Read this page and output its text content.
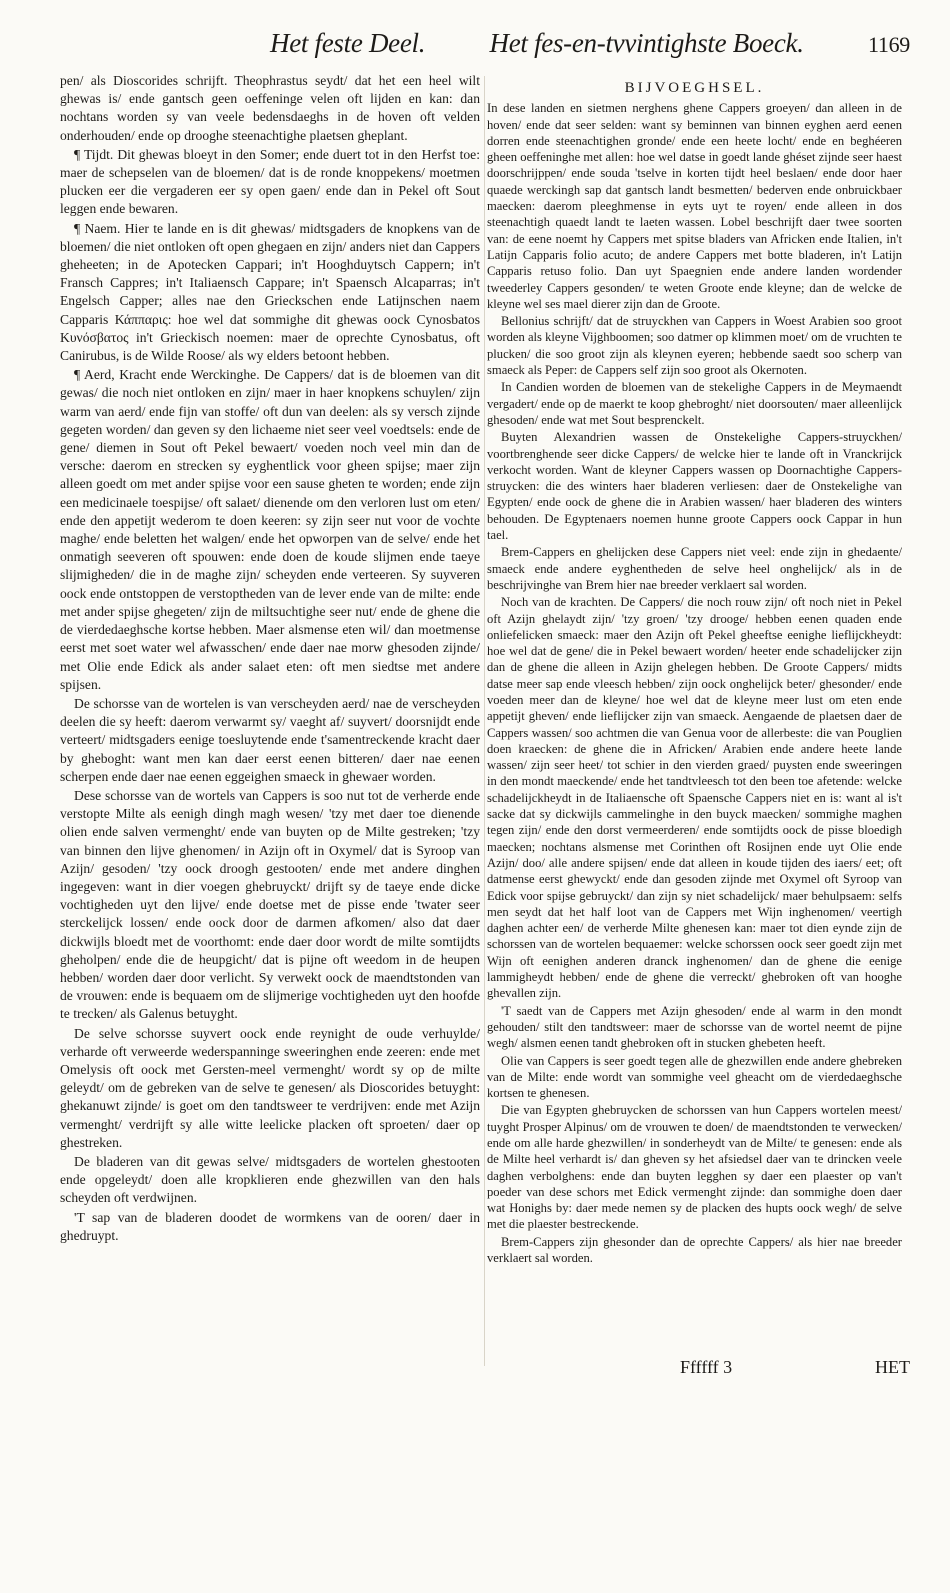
Het feste Deel. Het fes-en-tvvintighste Boeck.	1169

pen/ als Dioscorides schrijft. Theophrastus seydt/ dat het een heel wilt ghewas is/ ende gantsch geen oeffeninge velen oft lijden en kan: dan nochtans worden sy van veele bedensdaeghs in de hoven oft velden onderhouden/ ende op drooghe steenachtighe plaetsen gheplant.

¶ Tijdt. Dit ghewas bloeyt in den Somer; ende duert tot in den Herfst toe: maer de schepselen van de bloemen/ dat is de ronde knoppekens/ moetmen plucken eer die vergaderen eer sy open gaen/ ende dan in Pekel oft Sout leggen ende bewaren.

¶ Naem. Hier te lande en is dit ghewas/ midtsgaders de knopkens van de bloemen/ die niet ontloken oft open ghegaen en zijn/ anders niet dan Cappers gheheeten; in de Apotecken Cappari; in't Hooghduytsch Cappern; in't Fransch Cappres; in't Italiaensch Cappare; in't Spaensch Alcaparras; in't Engelsch Capper; alles nae den Grieckschen ende Latijnschen naem Capparis Κάππαρις: hoe wel dat sommighe dit ghewas oock Cynosbatos Κυνόσβατος in't Grieckisch noemen: maer de oprechte Cynosbatus, oft Canirubus, is de Wilde Roose/ als wy elders betoont hebben.

¶ Aerd, Kracht ende Werckinghe. De Cappers/ dat is de bloemen van dit gewas/ die noch niet ontloken en zijn/ maer in haer knopkens schuylen/ zijn warm van aerd/ ende fijn van stoffe/ oft dun van deelen: als sy versch zijnde gegeten worden/ dan geven sy den lichaeme niet seer veel voedtsels: ende de gene/ diemen in Sout oft Pekel bewaert/ voeden noch veel min dan de versche: daerom en strecken sy eyghentlick voor gheen spijse; maer zijn alleen goedt om met ander spijse voor een sause gheten te worden; ende zijn een medicinaele toespijse/ oft salaet/ dienende om den verloren lust om eten/ ende den appetijt wederom te doen keeren: sy zijn seer nut voor de vochte maghe/ ende beletten het walgen/ ende het opworpen van de selve/ ende het onmatigh seeveren oft spouwen: ende doen de koude slijmen ende taeye slijmigheden/ die in de maghe zijn/ scheyden ende verteeren. Sy suyveren oock ende ontstoppen de verstoptheden van de lever ende van de milte: ende met ander spijse ghegeten/ zijn de miltsuchtighe seer nut/ ende de ghene die de vierdedaeghsche kortse hebben. Maer alsmense eten wil/ dan moetmense eerst met soet water wel afwasschen/ ende daer nae morw ghesoden zijnde/ met Olie ende Edick als ander salaet eten: oft men siedtse met andere spijsen.

De schorsse van de wortelen is van verscheyden aerd/ nae de verscheyden deelen die sy heeft: daerom verwarmt sy/ vaeght af/ suyvert/ doorsnijdt ende verteert/ midtsgaders eenige toesluytende ende t'samentreckende kracht daer by gheboght: want men kan daer eerst eenen bitteren/ daer nae eenen scherpen ende daer nae eenen eggeighen smaeck in ghewaer worden.

Dese schorsse van de wortels van Cappers is soo nut tot de verherde ende verstopte Milte als eenigh dingh magh wesen/ 'tzy met daer toe dienende olien ende salven vermenght/ ende van buyten op de Milte gestreken; 'tzy van binnen den lijve ghenomen/ in Azijn oft in Oxymel/ dat is Syroop van Azijn/ gesoden/ 'tzy oock droogh gestooten/ ende met andere dinghen ingegeven: want in dier voegen ghebruyckt/ drijft sy de taeye ende dicke vochtigheden uyt den lijve/ ende doetse met de pisse ende 'twater seer sterckelijck lossen/ ende oock door de darmen afkomen/ also dat daer dickwijls bloedt met de voorthomt: ende daer door wordt de milte somtijdts gheholpen/ ende die de heupgicht/ dat is pijne oft weedom in de heupen hebben/ worden daer door verlicht. Sy verwekt oock de maendtstonden van de vrouwen: ende is bequaem om de slijmerige vochtigheden uyt den hoofde te trecken/ als Galenus betuyght.

De selve schorsse suyvert oock ende reynight de oude verhuylde/ verharde oft verweerde wederspanninge sweeringhen ende zeeren: ende met Omelysis oft oock met Gersten-meel vermenght/ wordt sy op de milte geleydt/ om de gebreken van de selve te genesen/ als Dioscorides betuyght: ghekanuwt zijnde/ is goet om den tandtsweer te verdrijven: ende met Azijn vermenght/ verdrijft sy alle witte leelicke placken oft sproeten/ daer op ghestreken.

De bladeren van dit gewas selve/ midtsgaders de wortelen ghestooten ende opgeleydt/ doen alle kropklieren ende ghezwillen van den hals scheyden oft verdwijnen.

'T sap van de bladeren doodet de wormkens van de ooren/ daer in ghedruypt.

BIJVOEGHSEL.

In dese landen en sietmen nerghens ghene Cappers groeyen/ dan alleen in de hoven/ ende dat seer selden: want sy beminnen van binnen eyghen aerd eenen dorren ende steenachtighen gronde/ ende een heete locht/ ende en beghéeren gheen oeffeninghe met allen: hoe wel datse in goedt lande ghéset zijnde seer haest doorschrijppen/ ende souda 'tselve in korten tijdt heel beslaen/ ende door haer quaede werckingh sap dat gantsch landt besmetten/ bederven ende onbruickbaer maecken: daerom pleeghmense in eyts uyt te royen/ ende alleen in dos steenachtigh quaedt landt te laeten wassen. Lobel beschrijft daer twee soorten van: de eene noemt hy Cappers met spitse bladers van Africken ende Italien, in't Latijn Capparis folio acuto; de andere Cappers met botte bladeren, in't Latijn Capparis retuso folio. Dan uyt Spaegnien ende andere landen wordender tweederley Cappers gesonden/ te weten Groote ende kleyne; dan de welcke de kleyne wel ses mael dierer zijn dan de Groote.

Bellonius schrijft/ dat de struyckhen van Cappers in Woest Arabien soo groot worden als kleyne Vijghboomen; soo datmer op klimmen moet/ om de vruchten te plucken/ die soo groot zijn als kleynen eyeren; hebbende saedt soo scherp van smaeck als Peper: de Cappers self zijn soo groot als Okernoten.

In Candien worden de bloemen van de stekelighe Cappers in de Meymaendt vergadert/ ende op de maerkt te koop ghebroght/ niet doorsouten/ maer alleenlijck ghesoden/ ende wat met Sout besprenckelt.

Buyten Alexandrien wassen de Onstekelighe Cappers-struyckhen/ voortbrenghende seer dicke Cappers/ de welcke hier te lande oft in Vranckrijck verkocht worden. Want de kleyner Cappers wassen op Doornachtighe Cappers-struycken: die des winters haer bladeren verliesen: daer de Onstekelighe van Egypten/ ende oock de ghene die in Arabien wassen/ haer bladeren des winters behouden. De Egyptenaers noemen hunne groote Cappers oock Cappar in hun tael.

Brem-Cappers en ghelijcken dese Cappers niet veel: ende zijn in ghedaente/ smaeck ende andere eyghentheden de selve heel onghelijck/ als in de beschrijvinghe van Brem hier nae breeder verklaert sal worden.

Noch van de krachten. De Cappers/ die noch rouw zijn/ oft noch niet in Pekel oft Azijn ghelaydt zijn/ 'tzy groen/ 'tzy drooge/ hebben eenen quaden ende onliefelicken smaeck: maer den Azijn oft Pekel gheeftse eenighe lieflijckheydt: hoe wel dat de gene/ die in Pekel bewaert worden/ heeter ende schadelijcker zijn dan de ghene die alleen in Azijn ghelegen hebben. De Groote Cappers/ midts datse meer sap ende vleesch hebben/ zijn oock onghelijck beter/ ghesonder/ ende voeden meer dan de kleyne/ hoe wel dat de kleyne meer lust om eten ende appetijt gheven/ ende lieflijcker zijn van smaeck. Aengaende de plaetsen daer de Cappers wassen/ soo achtmen die van Genua voor de allerbeste: die van Pouglien doen kraecken: de ghene die in Africken/ Arabien ende andere heete lande wassen/ zijn seer heet/ tot schier in den vierden graed/ puysten ende sweeringen in den mondt maeckende/ ende het tandtvleesch tot den been toe afetende: welcke schadelijckheydt in de Italiaensche oft Spaensche Cappers niet en is: want al is't sacke dat sy dickwijls cammelinghe in den buyck maecken/ sommighe maghen tegen zijn/ ende den dorst vermeerderen/ ende somtijdts oock de pisse bloedigh maecken; nochtans alsmense met Corinthen oft Rosijnen ende uyt Olie ende Azijn/ doo/ alle andere spijsen/ ende dat alleen in koude tijden des iaers/ eet; oft datmense eerst ghewyckt/ ende dan gesoden zijnde met Oxymel oft Syroop van Edick voor spijse gebruyckt/ dan zijn sy niet schadelijck/ maer behulpsaem: selfs men seydt dat het half loot van de Cappers met Wijn inghenomen/ veertigh daghen achter een/ de verherde Milte ghenesen kan: maer tot dien eynde zijn de schorssen van de wortelen bequaemer: welcke schorssen oock seer goedt zijn met Wijn oft eenighen anderen dranck inghenomen/ dan de ghene die eenige lammigheydt hebben/ ende de ghene die verreckt/ ghebroken oft van hooghe ghevallen zijn.

'T saedt van de Cappers met Azijn ghesoden/ ende al warm in den mondt gehouden/ stilt den tandtsweer: maer de schorsse van de wortel neemt de pijne wegh/ alsmen eenen tandt ghebroken oft in stucken ghebeten heeft.

Olie van Cappers is seer goedt tegen alle de ghezwillen ende andere ghebreken van de Milte: ende wordt van sommighe veel gheacht om de vierdedaeghsche kortsen te ghenesen.

Die van Egypten ghebruycken de schorssen van hun Cappers wortelen meest/ tuyght Prosper Alpinus/ om de vrouwen te doen/ de maendtstonden te verwecken/ ende om alle harde ghezwillen/ in sonderheydt van de Milte/ te genesen: ende als de Milte heel verhardt is/ dan gheven sy het afsiedsel daer van te drincken veele daghen verbolghens: ende dan buyten legghen sy daer een plaester op van't poeder van dese schors met Edick vermenght zijnde: dan sommighe doen daer wat Honighs by: daer mede nemen sy de placken des hupts oock wegh/ de selve met die plaester bestreckende.

Brem-Cappers zijn ghesonder dan de oprechte Cappers/ als hier nae breeder verklaert sal worden.

Ffffff 3	HET
